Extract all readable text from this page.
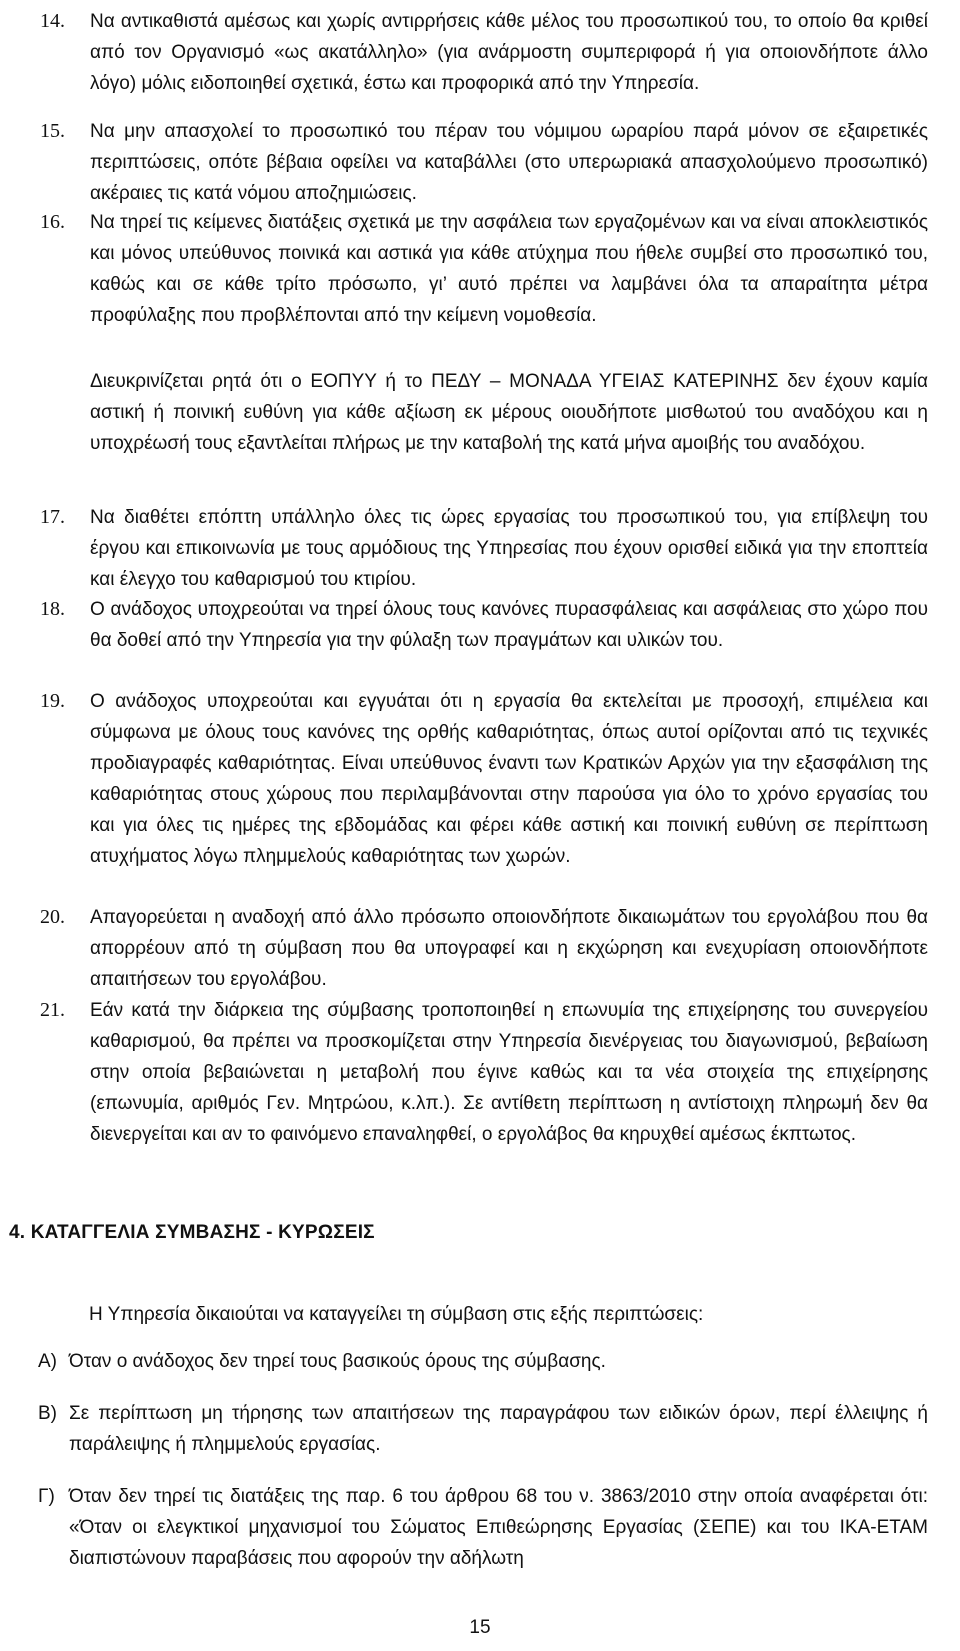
14.	Να αντικαθιστά αμέσως και χωρίς αντιρρήσεις κάθε μέλος του προσωπικού του, το οποίο θα κριθεί από τον Οργανισμό «ως ακατάλληλο» (για ανάρμοστη συμπεριφορά ή για οποιονδήποτε άλλο λόγο) μόλις ειδοποιηθεί σχετικά, έστω και προφορικά από την Υπηρεσία.
15.	Να μην απασχολεί το προσωπικό του πέραν του νόμιμου ωραρίου παρά μόνον σε εξαιρετικές περιπτώσεις, οπότε βέβαια οφείλει να καταβάλλει (στο υπερωριακά απασχολούμενο προσωπικό) ακέραιες τις κατά νόμου αποζημιώσεις.
16.	Να τηρεί τις κείμενες διατάξεις σχετικά με την ασφάλεια των εργαζομένων και να είναι αποκλειστικός και μόνος υπεύθυνος ποινικά και αστικά για κάθε ατύχημα που ήθελε συμβεί στο προσωπικό του, καθώς και σε κάθε τρίτο πρόσωπο, γι’ αυτό πρέπει να λαμβάνει όλα τα απαραίτητα μέτρα προφύλαξης που προβλέπονται από την κείμενη νομοθεσία.
Διευκρινίζεται ρητά ότι ο ΕΟΠΥΥ ή το ΠΕΔΥ – ΜΟΝΑΔΑ ΥΓΕΙΑΣ ΚΑΤΕΡΙΝΗΣ δεν έχουν καμία αστική ή ποινική ευθύνη για κάθε αξίωση εκ μέρους οιουδήποτε μισθωτού του αναδόχου και η υποχρέωσή τους εξαντλείται πλήρως με την καταβολή της κατά μήνα αμοιβής του αναδόχου.
17.	Να διαθέτει επόπτη υπάλληλο όλες τις ώρες εργασίας του προσωπικού του, για επίβλεψη του έργου και επικοινωνία με τους αρμόδιους της Υπηρεσίας που έχουν ορισθεί ειδικά για την εποπτεία και έλεγχο του καθαρισμού του κτιρίου.
18.	Ο ανάδοχος υποχρεούται να τηρεί όλους τους κανόνες πυρασφάλειας και ασφάλειας στο χώρο που θα δοθεί από την Υπηρεσία για την φύλαξη των πραγμάτων και υλικών του.
19.	Ο ανάδοχος υποχρεούται και εγγυάται ότι η εργασία θα εκτελείται με προσοχή, επιμέλεια και σύμφωνα με όλους τους κανόνες της ορθής καθαριότητας, όπως αυτοί ορίζονται από τις τεχνικές προδιαγραφές καθαριότητας. Είναι υπεύθυνος έναντι των Κρατικών Αρχών για την εξασφάλιση της καθαριότητας στους χώρους που περιλαμβάνονται στην παρούσα για όλο το χρόνο εργασίας του και για όλες τις ημέρες της εβδομάδας και φέρει κάθε αστική και ποινική ευθύνη σε περίπτωση ατυχήματος λόγω πλημμελούς καθαριότητας των χωρών.
20.	Απαγορεύεται η αναδοχή από άλλο πρόσωπο οποιονδήποτε δικαιωμάτων του εργολάβου που θα απορρέουν από τη σύμβαση που θα υπογραφεί και η εκχώρηση και ενεχυρίαση οποιονδήποτε απαιτήσεων του εργολάβου.
21.	Εάν κατά την διάρκεια της σύμβασης τροποποιηθεί η επωνυμία της επιχείρησης του συνεργείου καθαρισμού, θα πρέπει να προσκομίζεται στην Υπηρεσία διενέργειας του διαγωνισμού, βεβαίωση στην οποία βεβαιώνεται η μεταβολή που έγινε καθώς και τα νέα στοιχεία της επιχείρησης (επωνυμία, αριθμός Γεν. Μητρώου, κ.λπ.). Σε αντίθετη περίπτωση η αντίστοιχη πληρωμή δεν θα διενεργείται και αν το φαινόμενο επαναληφθεί, ο εργολάβος θα κηρυχθεί αμέσως έκπτωτος.
4. ΚΑΤΑΓΓΕΛΙΑ ΣΥΜΒΑΣΗΣ - ΚΥΡΩΣΕΙΣ
Η Υπηρεσία δικαιούται να καταγγείλει τη σύμβαση στις εξής περιπτώσεις:
Α) Όταν ο ανάδοχος δεν τηρεί τους βασικούς όρους της σύμβασης.
Β) Σε περίπτωση μη τήρησης των απαιτήσεων της παραγράφου των ειδικών όρων, περί έλλειψης ή παράλειψης ή πλημμελούς εργασίας.
Γ) Όταν δεν τηρεί τις διατάξεις της παρ. 6 του άρθρου 68 του ν. 3863/2010 στην οποία αναφέρεται ότι: «Όταν οι ελεγκτικοί μηχανισμοί του Σώματος Επιθεώρησης Εργασίας (ΣΕΠΕ) και του ΙΚΑ-ΕΤΑΜ διαπιστώνουν παραβάσεις που αφορούν την αδήλωτη
15
